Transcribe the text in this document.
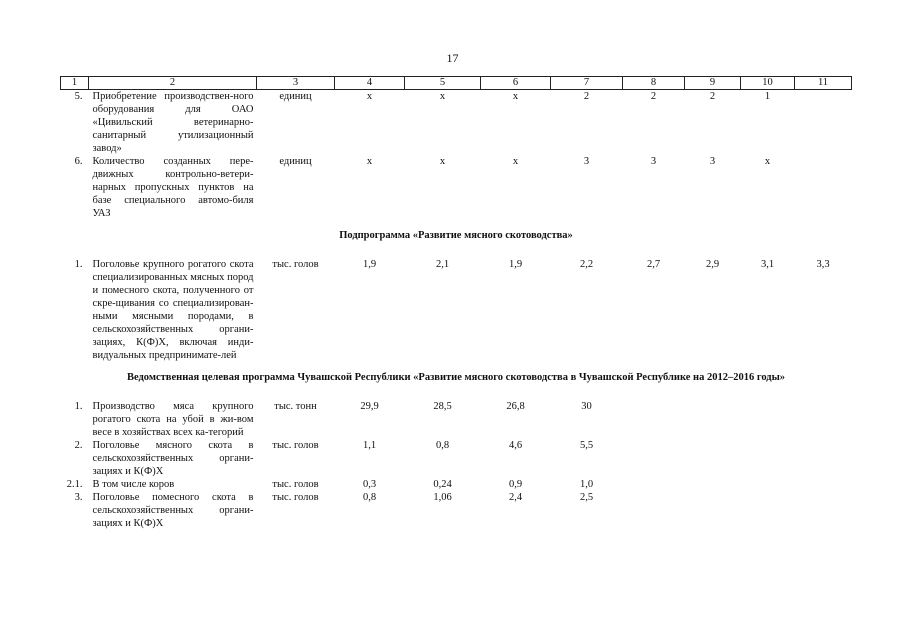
17
1	2	3	4	5	6	7	8	9	10	11
5.	Приобретение производствен-ного оборудования для ОАО «Цивильский ветеринарно-санитарный утилизационный завод»	единиц	x	x	x	2	2	2	1	
6.	Количество созданных пере-движных контрольно-ветери-нарных пропускных пунктов на базе специального автомо-биля УАЗ	единиц	x	x	x	3	3	3	x	
Подпрограмма «Развитие мясного скотоводства»										
1.	Поголовье крупного рогатого скота специализированных мясных пород и помесного скота, полученного от скре-щивания со специализирован-ными мясными породами, в сельскохозяйственных органи-зациях, К(Ф)Х, включая инди-видуальных предпринимате-лей	тыс. голов	1,9	2,1	1,9	2,2	2,7	2,9	3,1	3,3
Ведомственная целевая программа Чувашской Республики «Развитие мясного скотоводства в Чувашской Республике на 2012–2016 годы»										
1.	Производство мяса крупного рогатого скота на убой в жи-вом весе в хозяйствах всех ка-тегорий	тыс. тонн	29,9	28,5	26,8	30				
2.	Поголовье мясного скота в сельскохозяйственных органи-зациях и К(Ф)Х	тыс. голов	1,1	0,8	4,6	5,5				
2.1.	В том числе коров	тыс. голов	0,3	0,24	0,9	1,0				
3.	Поголовье помесного скота в сельскохозяйственных органи-зациях и К(Ф)Х	тыс. голов	0,8	1,06	2,4	2,5				
